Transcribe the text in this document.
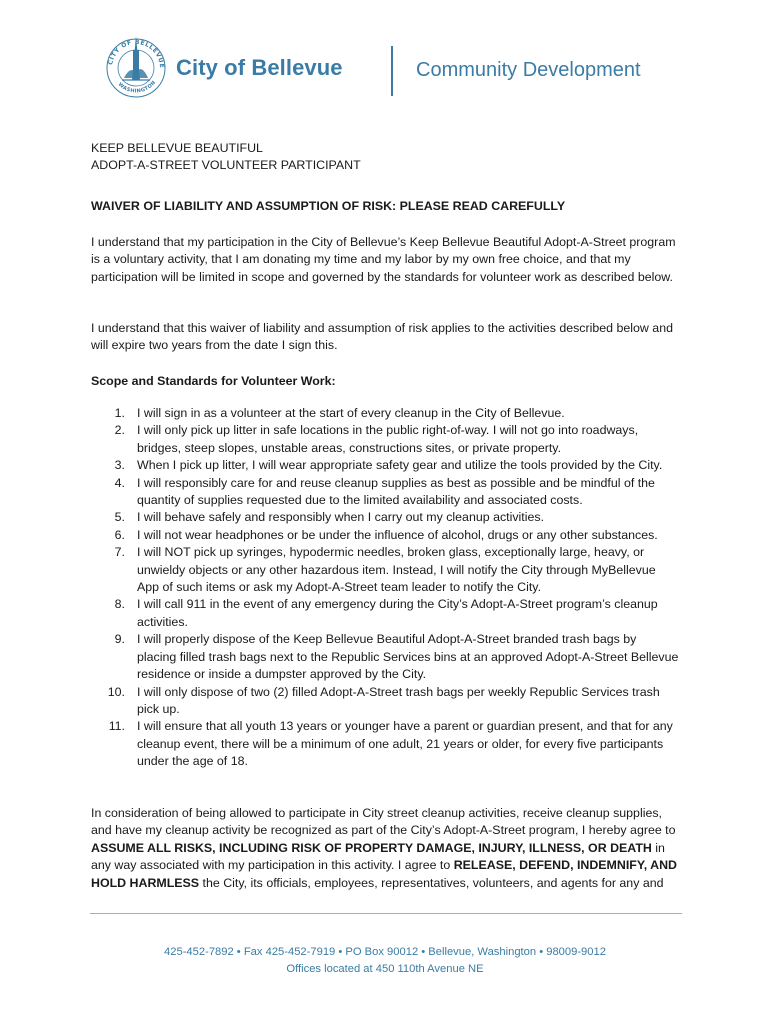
CITY OF BELLEVUE
WASHINGTON
City of Bellevue	Community Development
KEEP BELLEVUE BEAUTIFUL
ADOPT-A-STREET VOLUNTEER PARTICIPANT
WAIVER OF LIABILITY AND ASSUMPTION OF RISK: PLEASE READ CAREFULLY
I understand that my participation in the City of Bellevue’s Keep Bellevue Beautiful Adopt-A-Street program is a voluntary activity, that I am donating my time and my labor by my own free choice, and that my participation will be limited in scope and governed by the standards for volunteer work as described below.
I understand that this waiver of liability and assumption of risk applies to the activities described below and will expire two years from the date I sign this.
Scope and Standards for Volunteer Work:
1. I will sign in as a volunteer at the start of every cleanup in the City of Bellevue.
2. I will only pick up litter in safe locations in the public right-of-way. I will not go into roadways, bridges, steep slopes, unstable areas, constructions sites, or private property.
3. When I pick up litter, I will wear appropriate safety gear and utilize the tools provided by the City.
4. I will responsibly care for and reuse cleanup supplies as best as possible and be mindful of the quantity of supplies requested due to the limited availability and associated costs.
5. I will behave safely and responsibly when I carry out my cleanup activities.
6. I will not wear headphones or be under the influence of alcohol, drugs or any other substances.
7. I will NOT pick up syringes, hypodermic needles, broken glass, exceptionally large, heavy, or unwieldy objects or any other hazardous item. Instead, I will notify the City through MyBellevue App of such items or ask my Adopt-A-Street team leader to notify the City.
8. I will call 911 in the event of any emergency during the City’s Adopt-A-Street program’s cleanup activities.
9. I will properly dispose of the Keep Bellevue Beautiful Adopt-A-Street branded trash bags by placing filled trash bags next to the Republic Services bins at an approved Adopt-A-Street Bellevue residence or inside a dumpster approved by the City.
10. I will only dispose of two (2) filled Adopt-A-Street trash bags per weekly Republic Services trash pick up.
11. I will ensure that all youth 13 years or younger have a parent or guardian present, and that for any cleanup event, there will be a minimum of one adult, 21 years or older, for every five participants under the age of 18.
In consideration of being allowed to participate in City street cleanup activities, receive cleanup supplies, and have my cleanup activity be recognized as part of the City’s Adopt-A-Street program, I hereby agree to ASSUME ALL RISKS, INCLUDING RISK OF PROPERTY DAMAGE, INJURY, ILLNESS, OR DEATH in any way associated with my participation in this activity. I agree to RELEASE, DEFEND, INDEMNIFY, AND HOLD HARMLESS the City, its officials, employees, representatives, volunteers, and agents for any and
425-452-7892 • Fax 425-452-7919 • PO Box 90012 • Bellevue, Washington • 98009-9012
Offices located at 450 110th Avenue NE
